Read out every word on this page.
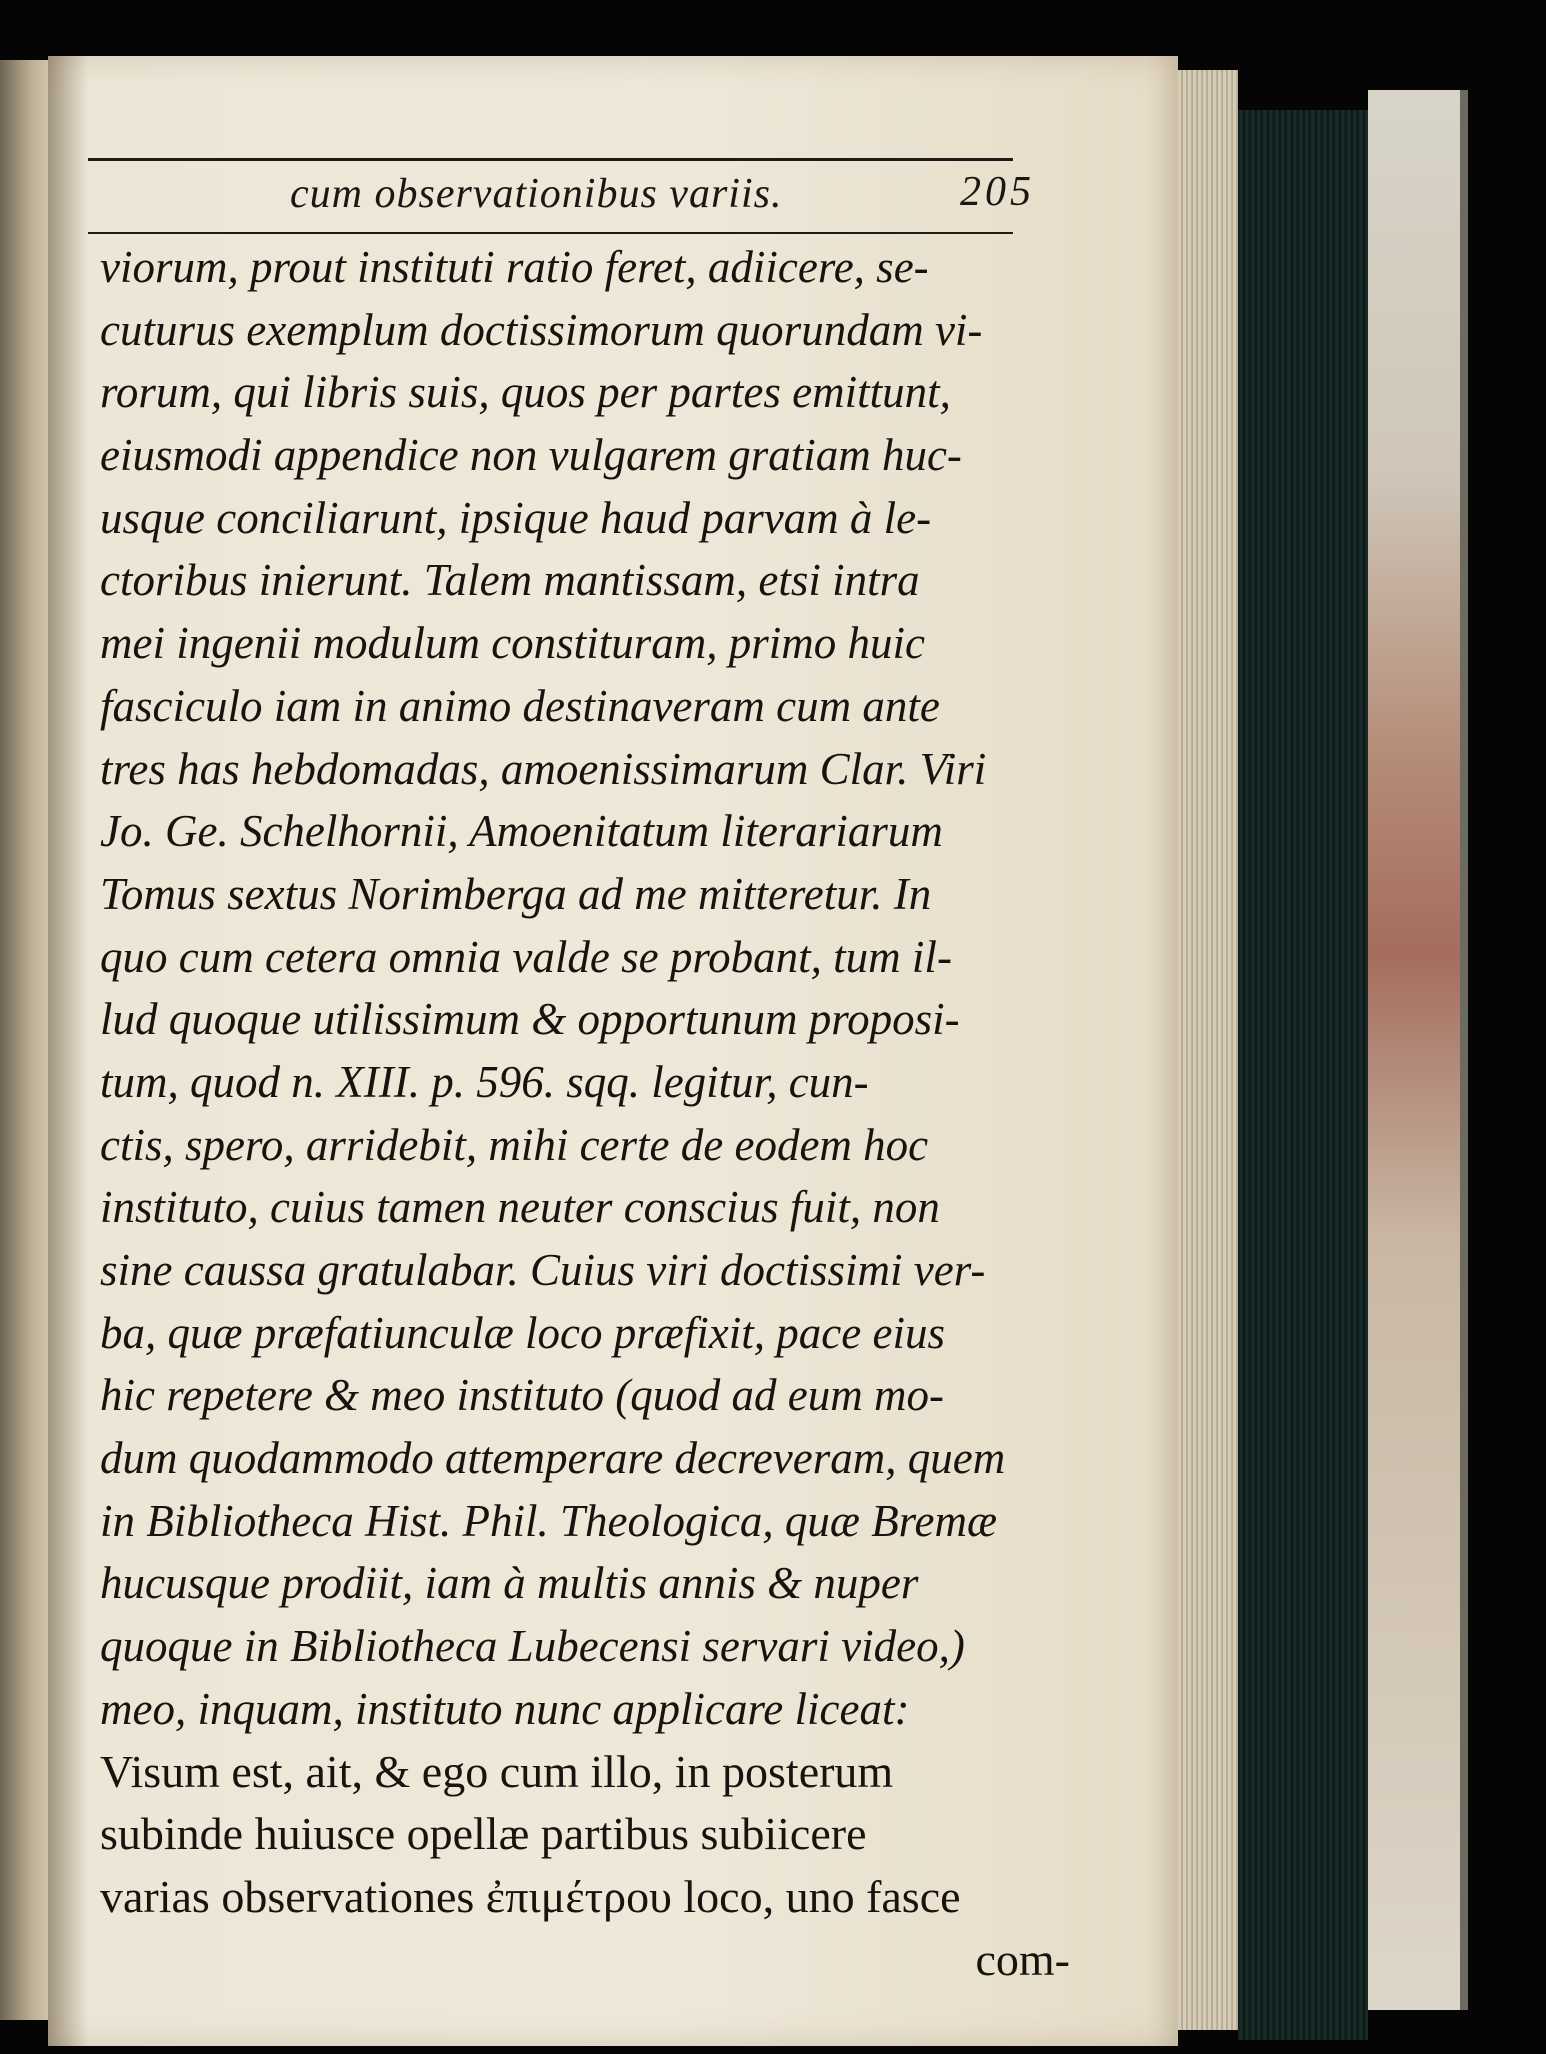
cum observationibus variis.	205
viorum, prout instituti ratio feret, adiicere, se-
cuturus exemplum doctissimorum quorundam vi-
rorum, qui libris suis, quos per partes emittunt,
eiusmodi appendice non vulgarem gratiam huc-
usque conciliarunt, ipsique haud parvam à le-
ctoribus inierunt. Talem mantissam, etsi intra
mei ingenii modulum constituram, primo huic
fasciculo iam in animo destinaveram cum ante
tres has hebdomadas, amoenissimarum Clar. Viri
Jo. Ge. Schelhornii, Amoenitatum literariarum
Tomus sextus Norimberga ad me mitteretur. In
quo cum cetera omnia valde se probant, tum il-
lud quoque utilissimum & opportunum proposi-
tum, quod n. XIII. p. 596. sqq. legitur, cun-
ctis, spero, arridebit, mihi certe de eodem hoc
instituto, cuius tamen neuter conscius fuit, non
sine caussa gratulabar. Cuius viri doctissimi ver-
ba, quæ præfatiunculæ loco præfixit, pace eius
hic repetere & meo instituto (quod ad eum mo-
dum quodammodo attemperare decreveram, quem
in Bibliotheca Hist. Phil. Theologica, quæ Bremæ
hucusque prodiit, iam à multis annis & nuper
quoque in Bibliotheca Lubecensi servari video,)
meo, inquam, instituto nunc applicare liceat:
Visum est, ait, & ego cum illo, in posterum
subinde huiusce opellæ partibus subiicere
varias observationes ἐπιμέτρου loco, uno fasce
com-
